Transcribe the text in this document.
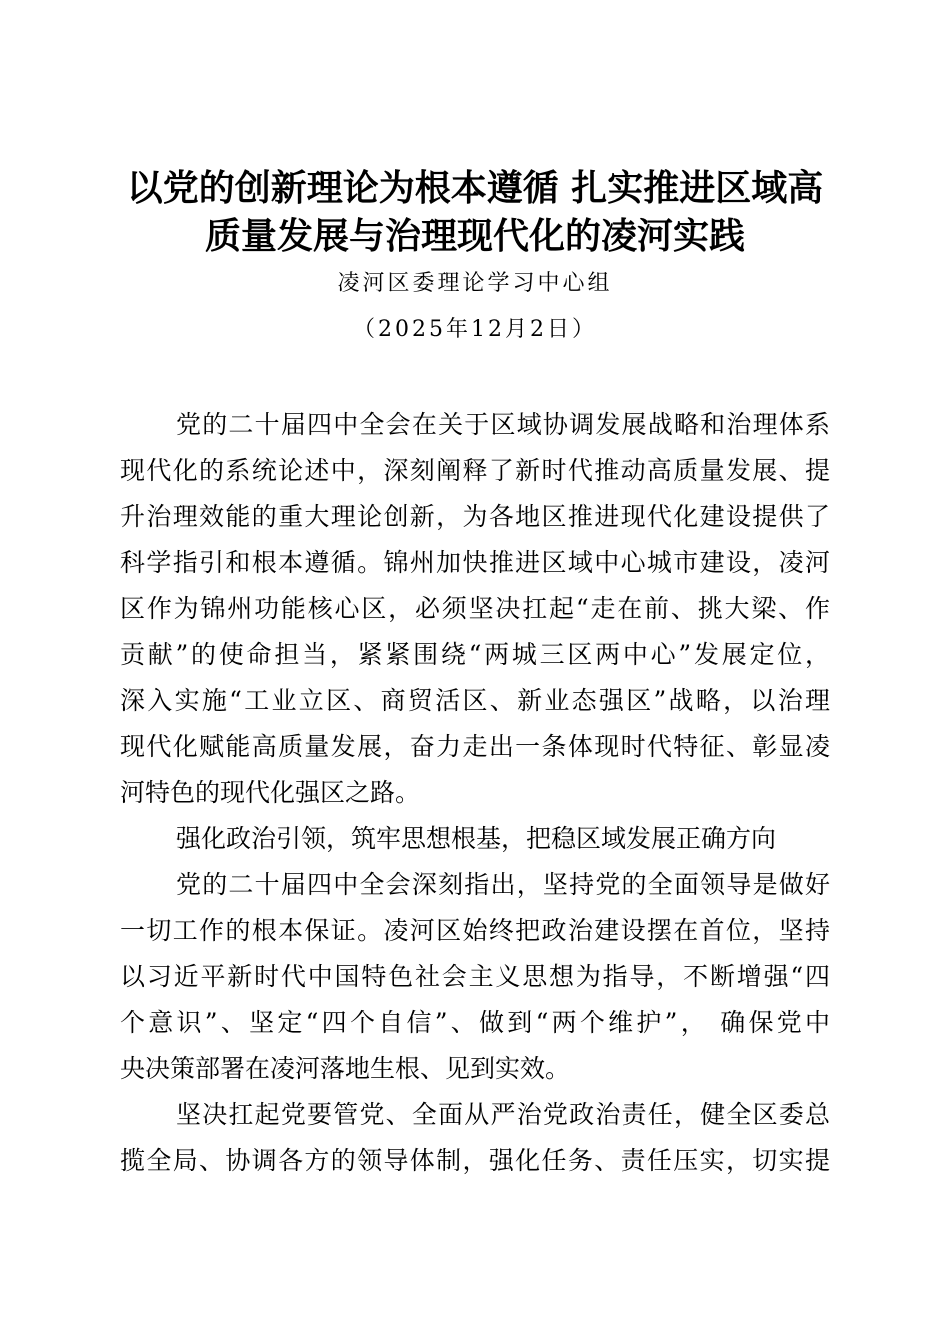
以党的创新理论为根本遵循 扎实推进区域高
质量发展与治理现代化的凌河实践
凌河区委理论学习中心组
（2025年12月2日）
党的二十届四中全会在关于区域协调发展战略和治理体系
现代化的系统论述中，深刻阐释了新时代推动高质量发展、提
升治理效能的重大理论创新，为各地区推进现代化建设提供了
科学指引和根本遵循。锦州加快推进区域中心城市建设，凌河
区作为锦州功能核心区，必须坚决扛起“走在前、挑大梁、作
贡献”的使命担当，紧紧围绕“两城三区两中心”发展定位，
深入实施“工业立区、商贸活区、新业态强区”战略，以治理
现代化赋能高质量发展，奋力走出一条体现时代特征、彰显凌
河特色的现代化强区之路。
强化政治引领，筑牢思想根基，把稳区域发展正确方向
党的二十届四中全会深刻指出，坚持党的全面领导是做好
一切工作的根本保证。凌河区始终把政治建设摆在首位，坚持
以习近平新时代中国特色社会主义思想为指导，不断增强“四
个意识”、坚定“四个自信”、做到“两个维护”， 确保党中
央决策部署在凌河落地生根、见到实效。
坚决扛起党要管党、全面从严治党政治责任，健全区委总
揽全局、协调各方的领导体制，强化任务、责任压实，切实提
